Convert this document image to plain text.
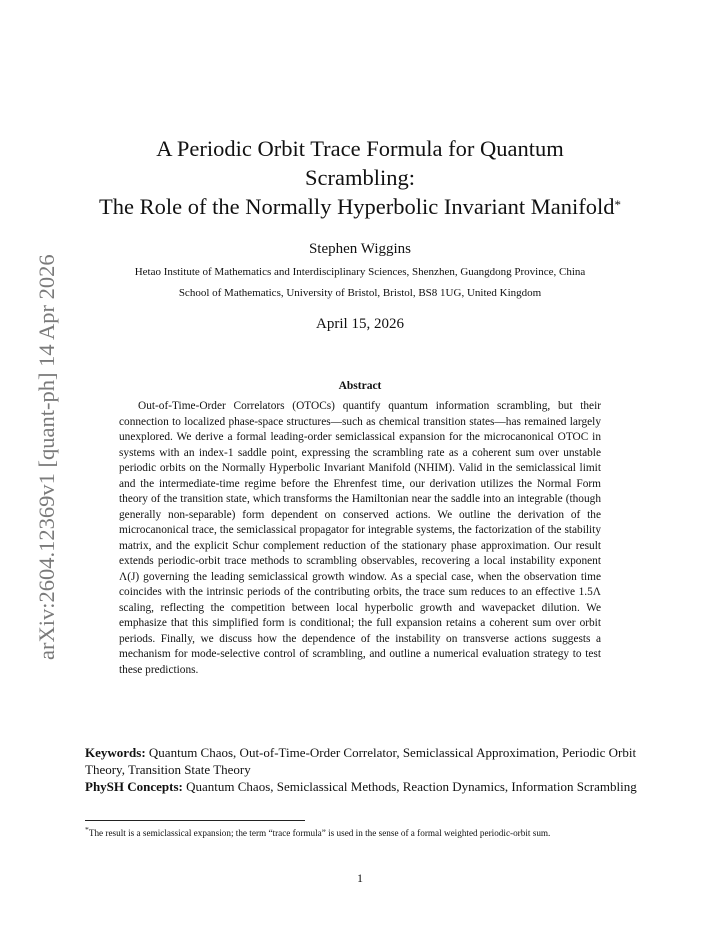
arXiv:2604.12369v1 [quant-ph] 14 Apr 2026
A Periodic Orbit Trace Formula for Quantum
Scrambling:
The Role of the Normally Hyperbolic Invariant Manifold*
Stephen Wiggins
Hetao Institute of Mathematics and Interdisciplinary Sciences, Shenzhen, Guangdong Province, China
School of Mathematics, University of Bristol, Bristol, BS8 1UG, United Kingdom
April 15, 2026
Abstract
Out-of-Time-Order Correlators (OTOCs) quantify quantum information scrambling, but their connection to localized phase-space structures—such as chemical transition states—has remained largely unexplored. We derive a formal leading-order semiclassical expansion for the microcanonical OTOC in systems with an index-1 saddle point, expressing the scrambling rate as a coherent sum over unstable periodic orbits on the Normally Hyperbolic Invariant Manifold (NHIM). Valid in the semiclassical limit and the intermediate-time regime before the Ehrenfest time, our derivation utilizes the Normal Form theory of the transition state, which transforms the Hamiltonian near the saddle into an integrable (though generally non-separable) form dependent on conserved actions. We outline the derivation of the microcanonical trace, the semiclassical propagator for integrable systems, the factorization of the stability matrix, and the explicit Schur complement reduction of the stationary phase approximation. Our result extends periodic-orbit trace methods to scrambling observables, recovering a local instability exponent Λ(J) governing the leading semiclassical growth window. As a special case, when the observation time coincides with the intrinsic periods of the contributing orbits, the trace sum reduces to an effective 1.5Λ scaling, reflecting the competition between local hyperbolic growth and wavepacket dilution. We emphasize that this simplified form is conditional; the full expansion retains a coherent sum over orbit periods. Finally, we discuss how the dependence of the instability on transverse actions suggests a mechanism for mode-selective control of scrambling, and outline a numerical evaluation strategy to test these predictions.
Keywords: Quantum Chaos, Out-of-Time-Order Correlator, Semiclassical Approximation, Periodic Orbit Theory, Transition State Theory
PhySH Concepts: Quantum Chaos, Semiclassical Methods, Reaction Dynamics, Information Scrambling
*The result is a semiclassical expansion; the term “trace formula” is used in the sense of a formal weighted periodic-orbit sum.
1
